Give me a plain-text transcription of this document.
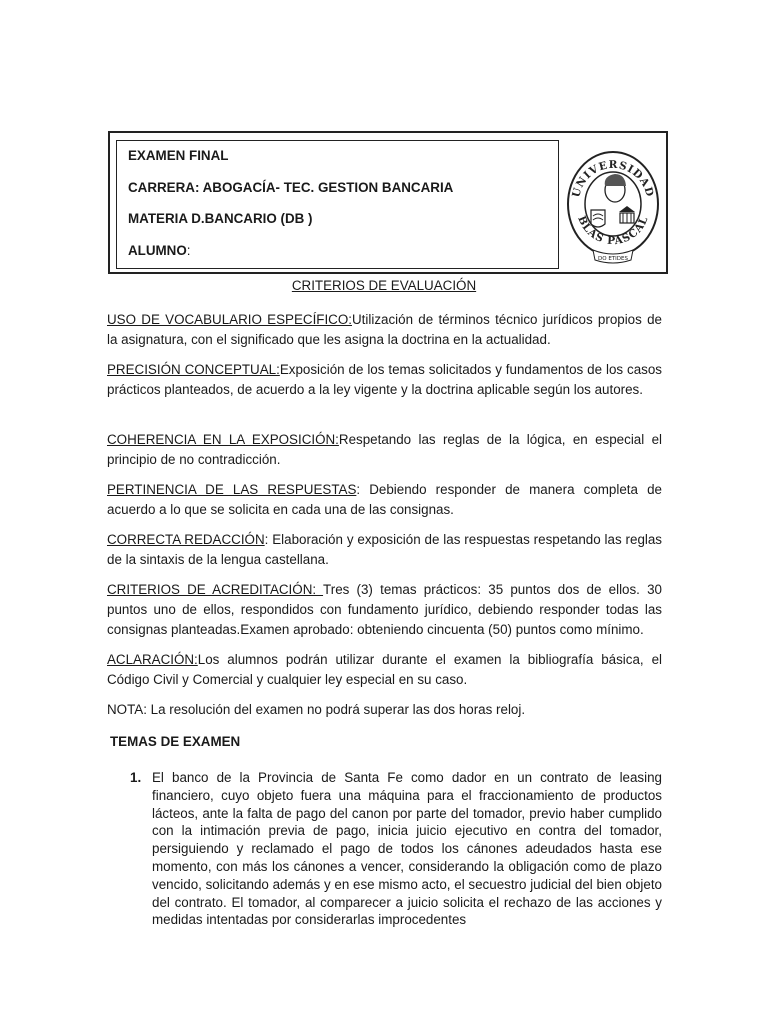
EXAMEN FINAL
CARRERA: ABOGACÍA- TEC. GESTION BANCARIA
MATERIA D.BANCARIO (DB )
ALUMNO:
UNIVERSIDAD
BLAS PASCAL
DO ETIDES
CRITERIOS DE EVALUACIÓN

USO DE VOCABULARIO ESPECÍFICO:Utilización de términos técnico jurídicos propios de la asignatura, con el significado que les asigna la doctrina en la actualidad.

PRECISIÓN CONCEPTUAL:Exposición de los temas solicitados y fundamentos de los casos prácticos planteados, de acuerdo a la ley vigente y la doctrina aplicable según los autores.

COHERENCIA EN LA EXPOSICIÓN:Respetando las reglas de la lógica, en especial el principio de no contradicción.

PERTINENCIA DE LAS RESPUESTAS: Debiendo responder de manera completa de acuerdo a lo que se solicita en cada una de las consignas.

CORRECTA REDACCIÓN: Elaboración y exposición de las respuestas respetando las reglas de la sintaxis de la lengua castellana.

CRITERIOS DE ACREDITACIÓN: Tres (3) temas prácticos: 35 puntos dos de ellos. 30 puntos uno de ellos, respondidos con fundamento jurídico, debiendo responder todas las consignas planteadas.Examen aprobado: obteniendo cincuenta (50) puntos como mínimo.

ACLARACIÓN:Los alumnos podrán utilizar durante el examen la bibliografía básica, el Código Civil y Comercial y cualquier ley especial en su caso.

NOTA: La resolución del examen no podrá superar las dos horas reloj.

TEMAS DE EXAMEN
1. El banco de la Provincia de Santa Fe como dador en un contrato de leasing financiero, cuyo objeto fuera una máquina para el fraccionamiento de productos lácteos, ante la falta de pago del canon por parte del tomador, previo haber cumplido con la intimación previa de pago, inicia juicio ejecutivo en contra del tomador, persiguiendo y reclamado el pago de todos los cánones adeudados hasta ese momento, con más los cánones a vencer, considerando la obligación como de plazo vencido, solicitando además y en ese mismo acto, el secuestro judicial del bien objeto del contrato. El tomador, al comparecer a juicio solicita el rechazo de las acciones y medidas intentadas por considerarlas improcedentes
